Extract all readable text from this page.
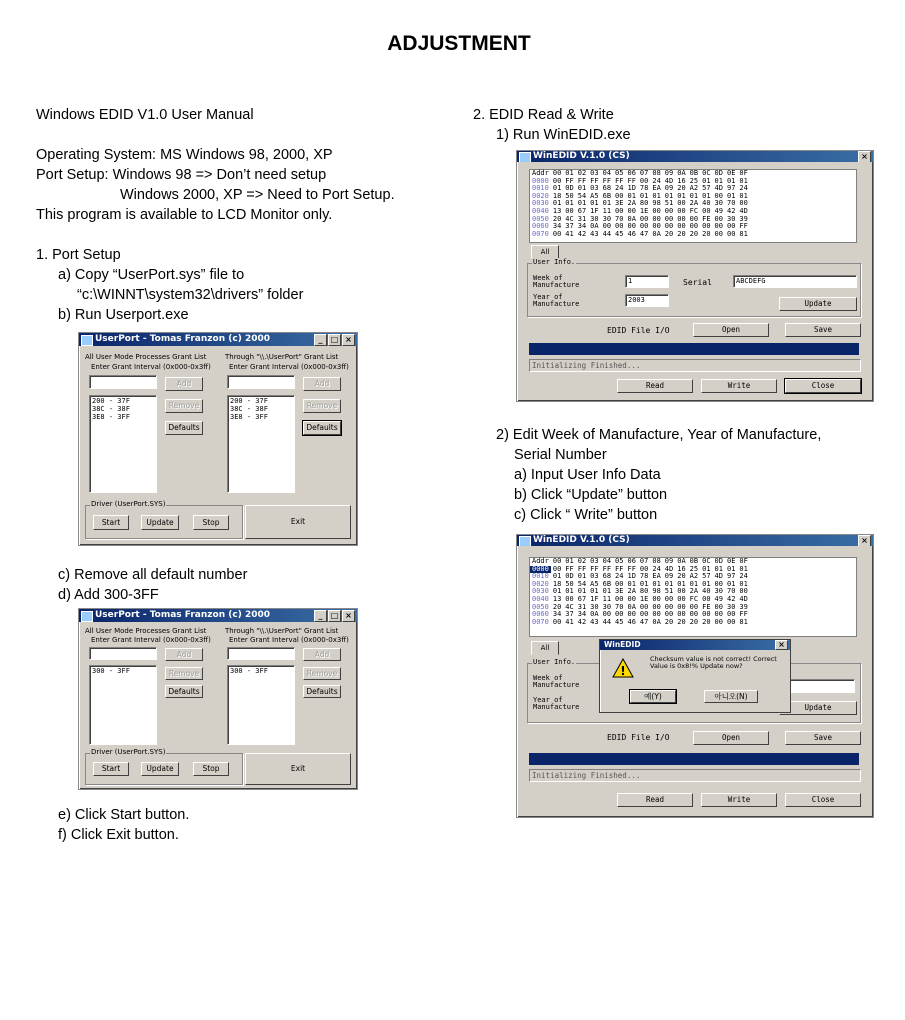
ADJUSTMENT
Windows EDID V1.0 User Manual
Operating System: MS Windows 98, 2000, XP
Port Setup: Windows 98 => Don’t need setup
Windows 2000, XP => Need to Port Setup.
This program is available to LCD Monitor only.
1. Port Setup
a) Copy “UserPort.sys” file to
“c:\WINNT\system32\drivers” folder
b) Run Userport.exe
c) Remove all default number
d) Add 300-3FF
e) Click Start button.
f) Click Exit button.
2. EDID Read & Write
1) Run WinEDID.exe
2) Edit Week of Manufacture, Year of Manufacture,
Serial Number
a) Input User Info Data
b) Click “Update” button
c) Click “ Write” button
UserPort - Tomas Franzon (c) 2000	_	□ ×
All User Mode Processes Grant List	Through "\\.\UserPort" Grant List
Enter Grant Interval (0x000-0x3ff)	Enter Grant Interval (0x000-0x3ff)
Add	Add
200 - 37F
38C - 38F
3E8 - 3FF
200 - 37F
38C - 38F
3E8 - 3FF
Remove	Remove
Defaults	Defaults
Driver (UserPort.SYS)
Start	Update	Stop	Exit
UserPort - Tomas Franzon (c) 2000	_	□ ×
All User Mode Processes Grant List	Through "\\.\UserPort" Grant List
Enter Grant Interval (0x000-0x3ff)	Enter Grant Interval (0x000-0x3ff)
Add	Add
300 - 3FF	300 - 3FF
Remove	Remove
Defaults	Defaults
Driver (UserPort.SYS)
Start	Update	Stop	Exit
WinEDID V.1.0 (CS)	×
Addr	00	01	02	03	04	05	06	07	08	09	0A	0B	0C	0D	0E	0F
0000	00	FF	FF	FF	FF	FF	FF	00	24	4D	16	25	01	01	01	01
0010	01	0D	01	03	68	24	1D	78	EA	09	20	A2	57	4D	97	24
0020	18	50	54	A5	6B	00	01	01	01	01	01	01	01	00	01	01
0030	01	01	01	01	01	3E	2A	80	98	51	00	2A	40	30	70	00
0040	13	00	67	1F	11	00	00	1E	00	00	00	FC	00	49	42	4D
0050	20	4C	31	30	30	70	0A	00	00	00	00	00	FE	00	30	39
0060	34	37	34	0A	00	00	00	00	00	00	00	00	00	00	00	FF
0070	00	41	42	43	44	45	46	47	0A	20	20	20	20	00	00	81
All
User Info.
Week of Manufacture	1	Serial	ABCDEFG
Year of Manufacture	2003	Update
EDID File I/O	Open	Save
Initializing Finished...
Read	Write	Close
WinEDID V.1.0 (CS)	×
Addr	00	01	02	03	04	05	06	07	08	09	0A	0B	0C	0D	0E	0F
0000	00	FF	FF	FF	FF	FF	FF	00	24	4D	16	25	01	01	01	01
0010	01	0D	01	03	68	24	1D	78	EA	09	20	A2	57	4D	97	24
0020	18	50	54	A5	6B	00	01	01	01	01	01	01	01	00	01	01
0030	01	01	01	01	01	3E	2A	80	98	51	00	2A	40	30	70	00
0040	13	00	67	1F	11	00	00	1E	00	00	00	FC	00	49	42	4D
0050	20	4C	31	30	30	70	0A	00	00	00	00	00	FE	00	30	39
0060	34	37	34	0A	00	00	00	00	00	00	00	00	00	00	00	FF
0070	00	41	42	43	44	45	46	47	0A	20	20	20	20	00	00	81
All
User Info.
Week of Manufacture
Year of Manufacture	Update
EDID File I/O	Open	Save
Initializing Finished...
Read	Write	Close
WinEDID	×
!
Checksum value is not correct! Correct Value is 0x8!% Update now?
예(Y)	아니오(N)
